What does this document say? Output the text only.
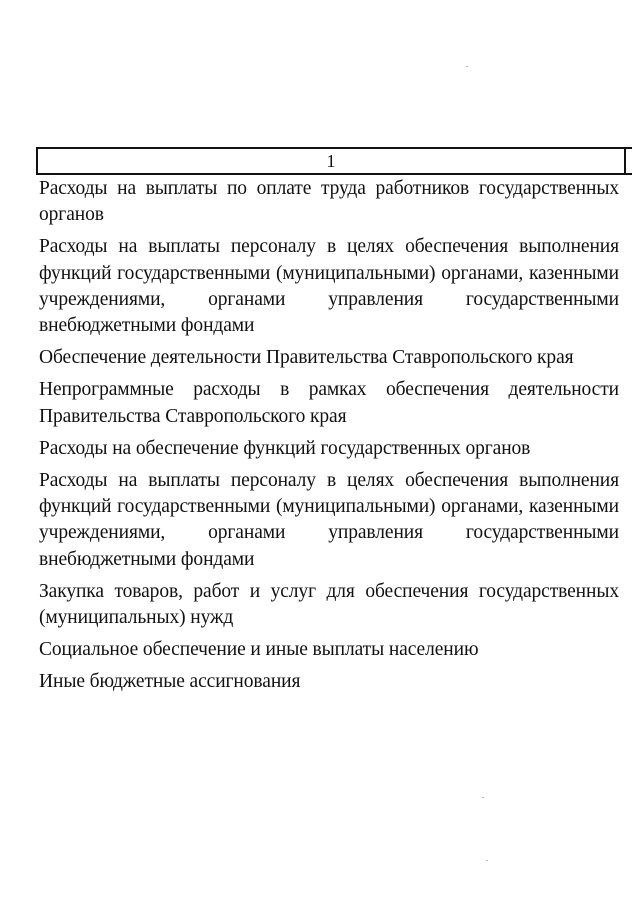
1
Расходы на выплаты по оплате труда работников государственных органов
Расходы на выплаты персоналу в целях обеспечения выполнения функций государственными (муниципальными) органами, казенными учреждениями, органами управления государственными внебюджетными фондами
Обеспечение деятельности Правительства Ставропольского края
Непрограммные расходы в рамках обеспечения деятельности Правительства Ставропольского края
Расходы на обеспечение функций государственных органов
Расходы на выплаты персоналу в целях обеспечения выполнения функций государственными (муниципальными) органами, казенными учреждениями, органами управления государственными внебюджетными фондами
Закупка товаров, работ и услуг для обеспечения государственных (муниципальных) нужд
Социальное обеспечение и иные выплаты населению
Иные бюджетные ассигнования
